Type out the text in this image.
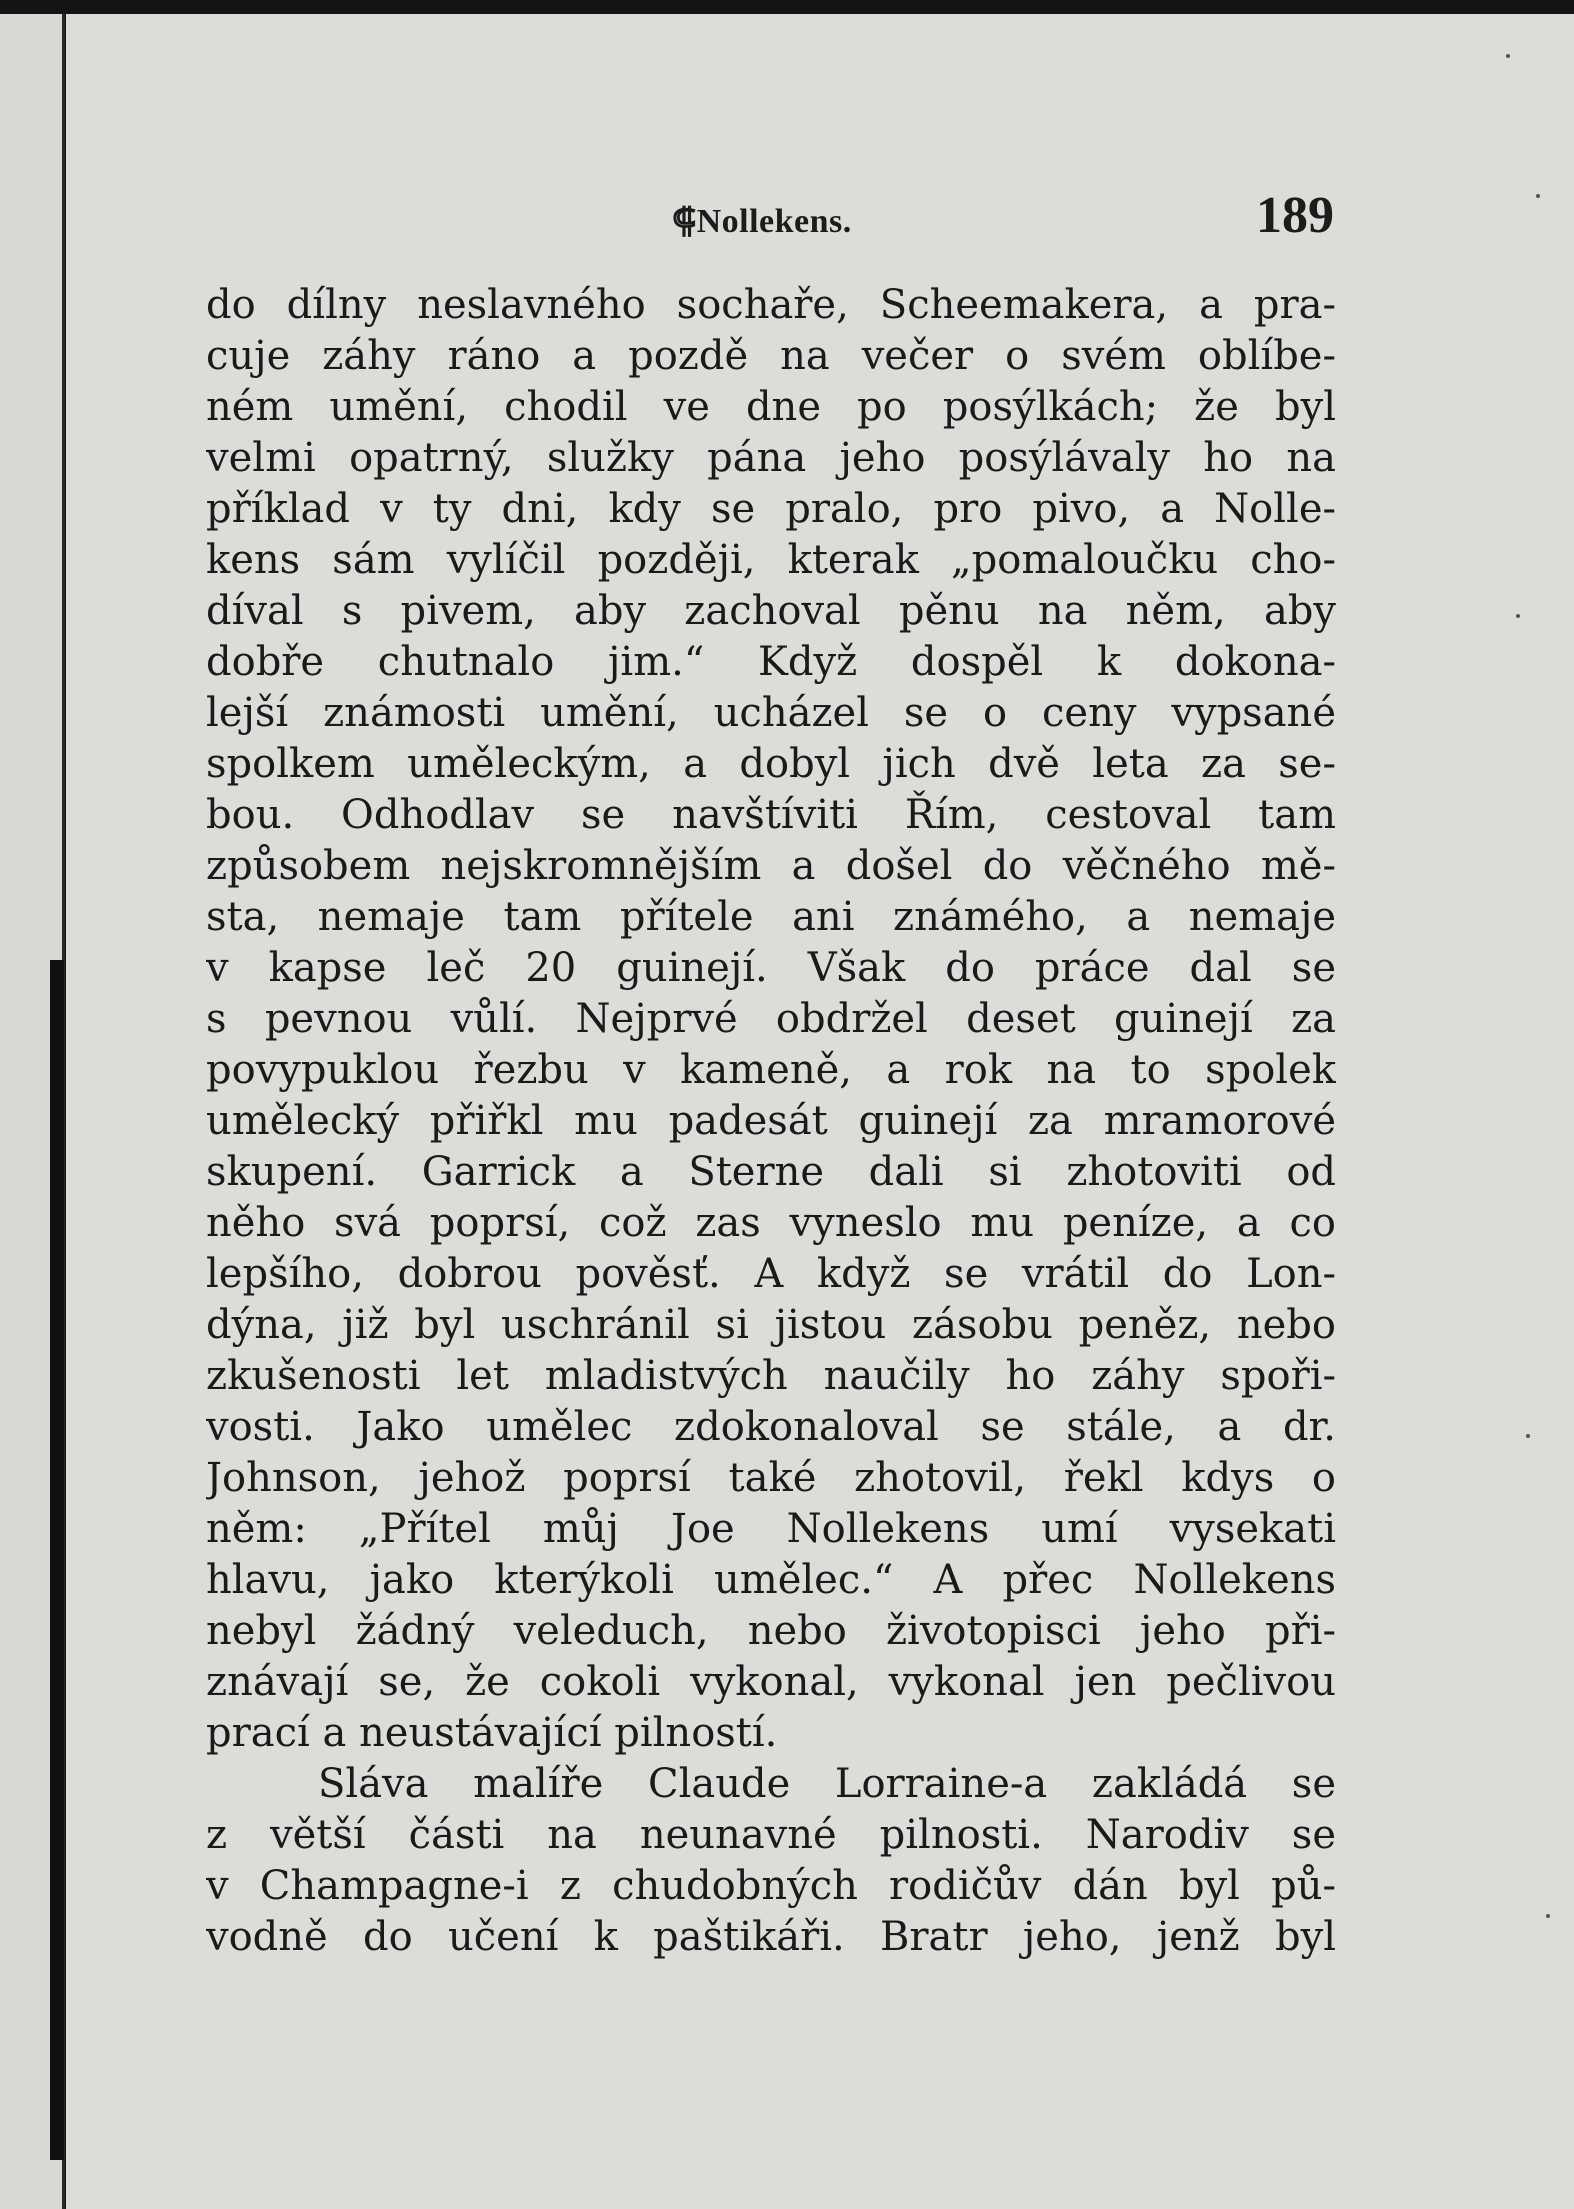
⸿Nollekens.	189
do dílny neslavného sochaře, Scheemakera, a pra-
cuje záhy ráno a pozdě na večer o svém oblíbe-
ném umění, chodil ve dne po posýlkách; že byl
velmi opatrný, služky pána jeho posýlávaly ho na
příklad v ty dni, kdy se pralo, pro pivo, a Nolle-
kens sám vylíčil později, kterak „pomaloučku cho-
díval s pivem, aby zachoval pěnu na něm, aby
dobře chutnalo jim.“ Když dospěl k dokona-
lejší známosti umění, ucházel se o ceny vypsané
spolkem uměleckým, a dobyl jich dvě leta za se-
bou. Odhodlav se navštíviti Řím, cestoval tam
způsobem nejskromnějším a došel do věčného mě-
sta, nemaje tam přítele ani známého, a nemaje
v kapse leč 20 guinejí. Však do práce dal se
s pevnou vůlí. Nejprvé obdržel deset guinejí za
povypuklou řezbu v kameně, a rok na to spolek
umělecký přiřkl mu padesát guinejí za mramorové
skupení. Garrick a Sterne dali si zhotoviti od
něho svá poprsí, což zas vyneslo mu peníze, a co
lepšího, dobrou pověsť. A když se vrátil do Lon-
dýna, již byl uschránil si jistou zásobu peněz, nebo
zkušenosti let mladistvých naučily ho záhy spoři-
vosti. Jako umělec zdokonaloval se stále, a dr.
Johnson, jehož poprsí také zhotovil, řekl kdys o
něm: „Přítel můj Joe Nollekens umí vysekati
hlavu, jako kterýkoli umělec.“ A přec Nollekens
nebyl žádný veleduch, nebo životopisci jeho při-
znávají se, že cokoli vykonal, vykonal jen pečlivou
prací a neustávající pilností.
Sláva malíře Claude Lorraine-a zakládá se
z větší části na neunavné pilnosti. Narodiv se
v Champagne-i z chudobných rodičův dán byl pů-
vodně do učení k paštikáři. Bratr jeho, jenž byl
